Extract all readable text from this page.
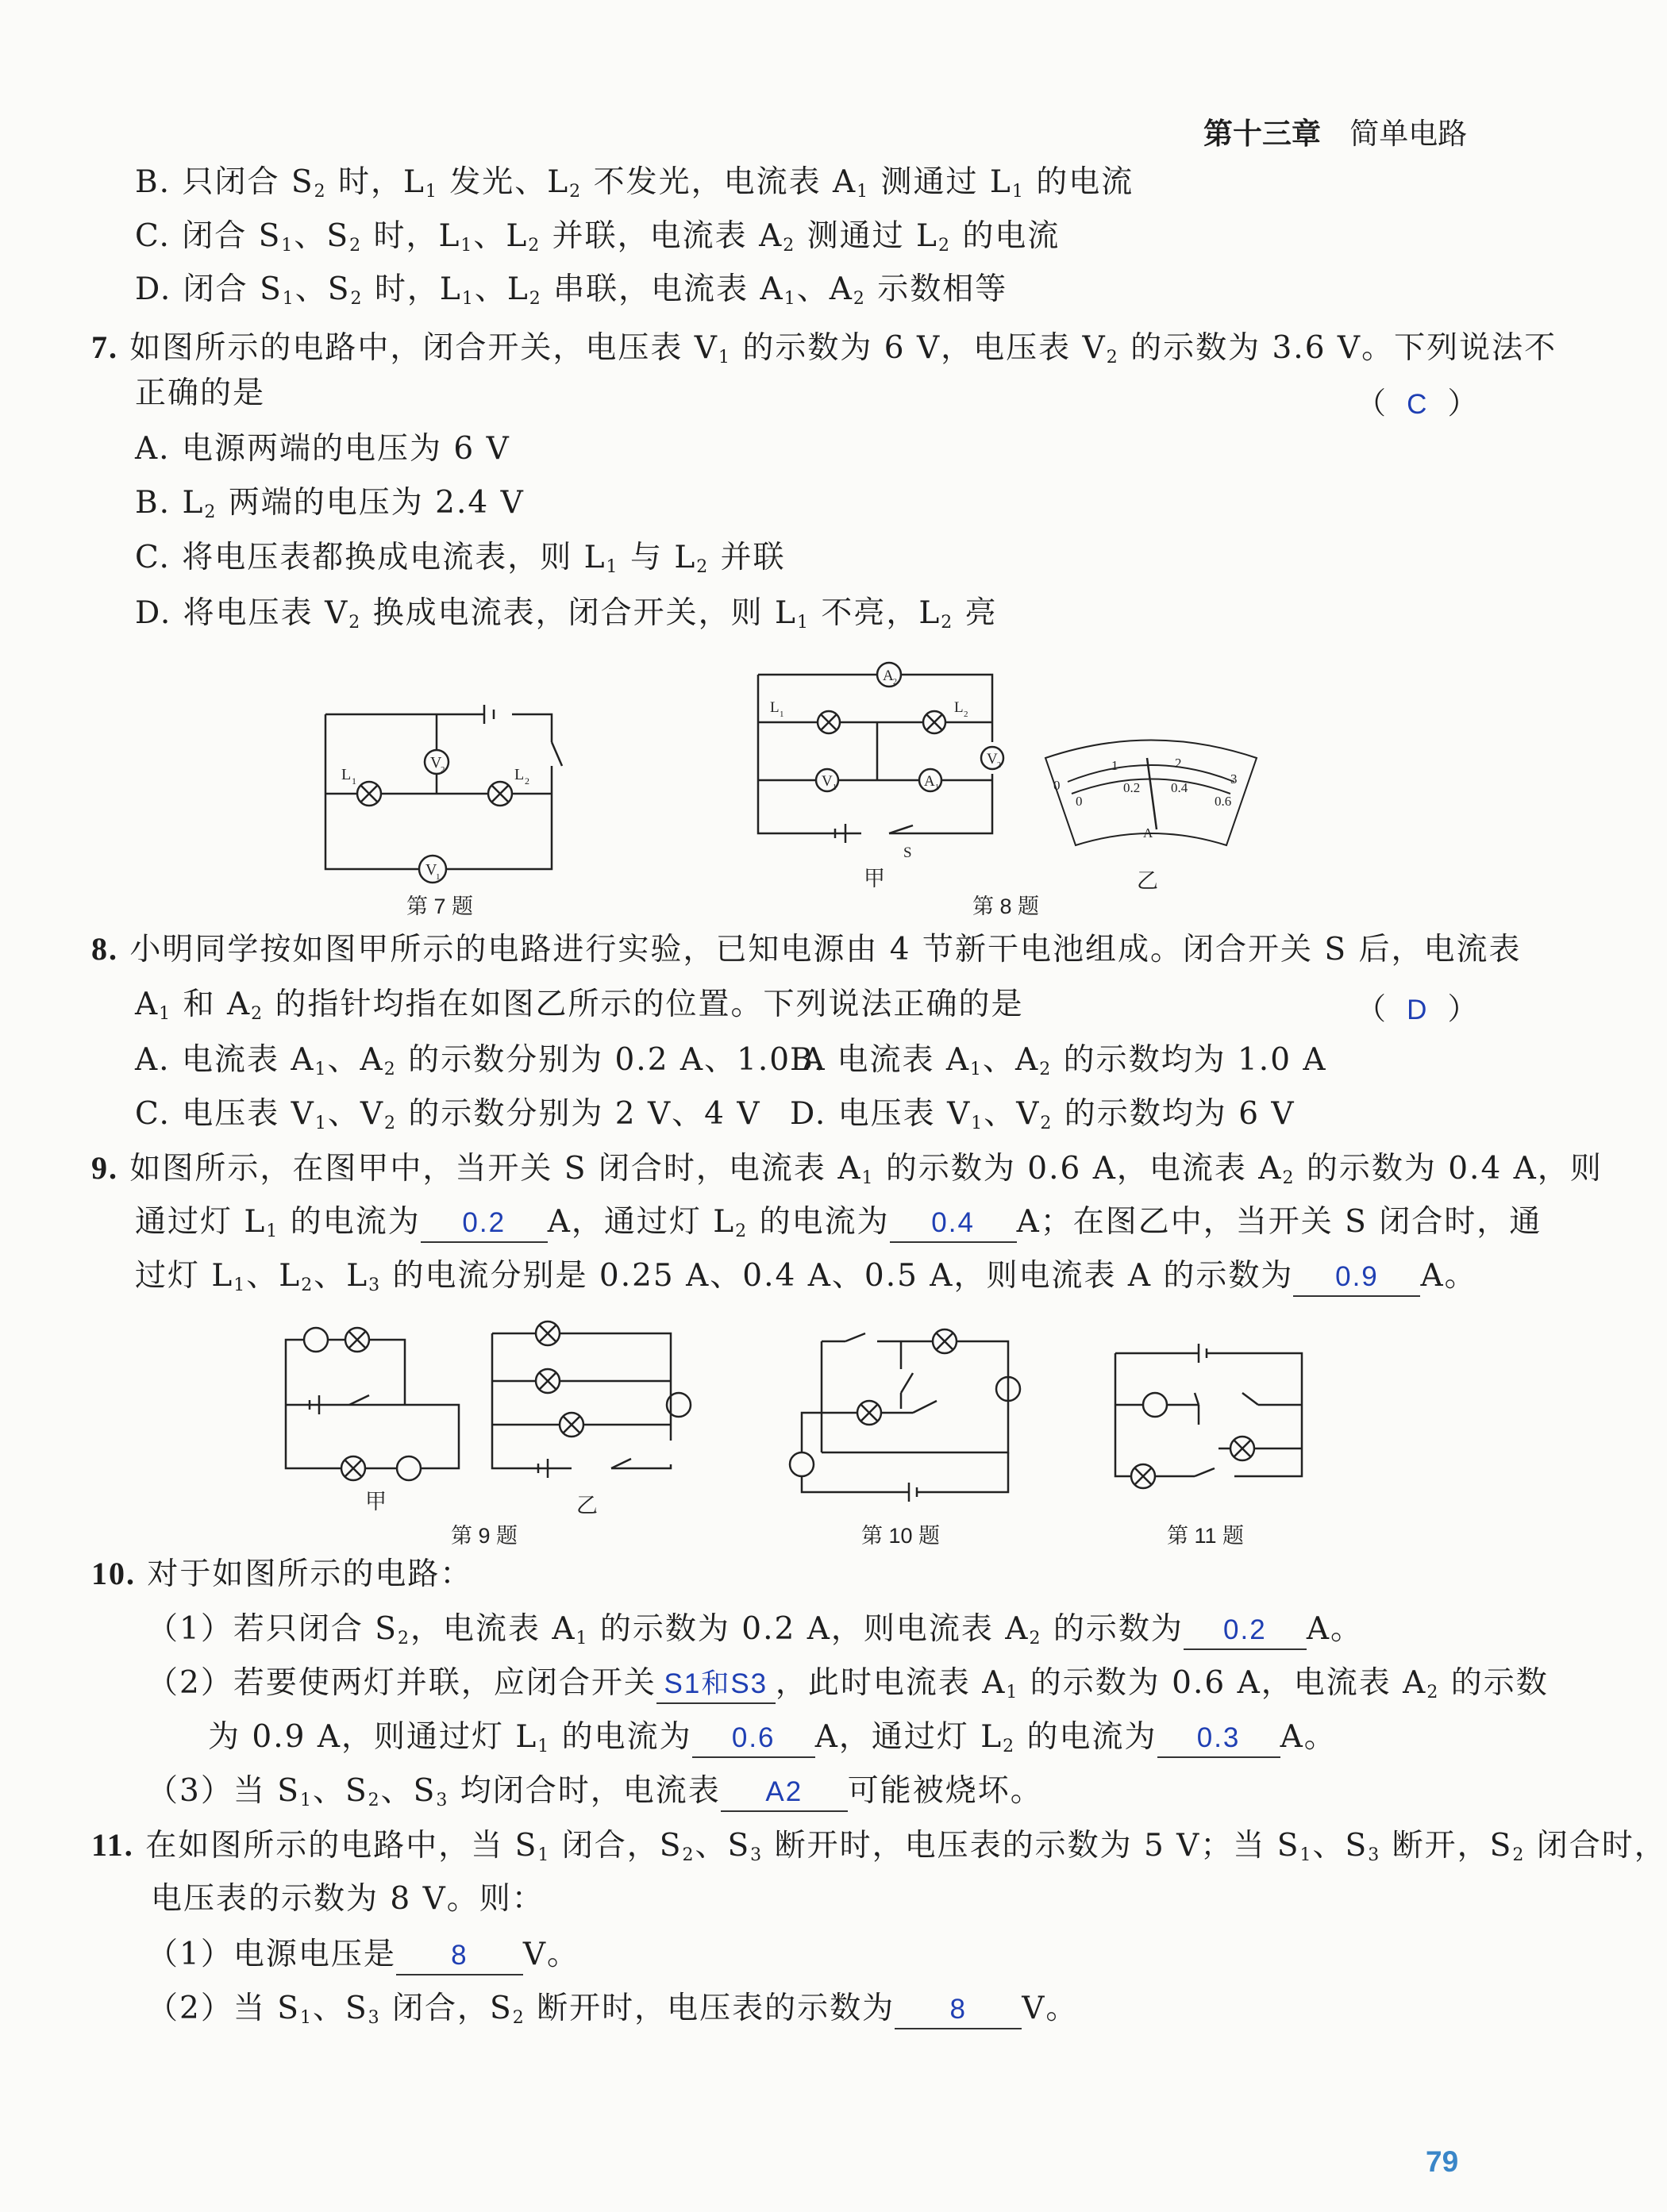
第十三章 简单电路
B. 只闭合 $S_2$ 时，$L_1$ 发光、$L_2$ 不发光，电流表 $A_1$ 测通过 $L_1$ 的电流
C. 闭合 $S_1$、$S_2$ 时，$L_1$、$L_2$ 并联，电流表 $A_2$ 测通过 $L_2$ 的电流
D. 闭合 $S_1$、$S_2$ 时，$L_1$、$L_2$ 串联，电流表 $A_1$、$A_2$ 示数相等
7. 如图所示的电路中，闭合开关，电压表 $V_1$ 的示数为 6 V，电压表 $V_2$ 的示数为 3.6 V。下列说法不
正确的是	（ C ）
A. 电源两端的电压为 6 V
B. $L_2$ 两端的电压为 2.4 V
C. 将电压表都换成电流表，则 $L_1$ 与 $L_2$ 并联
D. 将电压表 $V_2$ 换成电流表，闭合开关，则 $L_1$ 不亮，$L_2$ 亮
L 1	L 2
V
2
V
1
第 7 题
L 1	L 2
V 1	A 1
A 2
V 2
S
甲
0
1	2
3
0
0.2 0.4
0.6
A
乙
第 8 题
8. 小明同学按如图甲所示的电路进行实验，已知电源由 4 节新干电池组成。闭合开关 S 后，电流表
$A_1$ 和 $A_2$ 的指针均指在如图乙所示的位置。下列说法正确的是	（ D ）
A. 电流表 $A_1$、$A_2$ 的示数分别为 0.2 A、1.0 A
B. 电流表 $A_1$、$A_2$ 的示数均为 1.0 A
C. 电压表 $V_1$、$V_2$ 的示数分别为 2 V、4 V D. 电压表 $V_1$、$V_2$ 的示数均为 6 V
9. 如图所示，在图甲中，当开关 S 闭合时，电流表 $A_1$ 的示数为 0.6 A，电流表 $A_2$ 的示数为 0.4 A，则
通过灯 $L_1$ 的电流为 0.2 A，通过灯 $L_2$ 的电流为 0.4 A；在图乙中，当开关 S 闭合时，通
过灯 $L_1$、$L_2$、$L_3$ 的电流分别是 0.25 A、0.4 A、0.5 A，则电流表 A 的示数为 0.9 A。
甲	乙
第 9 题	第 10 题	第 11 题
10. 对于如图所示的电路：
（1）若只闭合 $S_2$，电流表 $A_1$ 的示数为 0.2 A，则电流表 $A_2$ 的示数为 0.2 A。
（2）若要使两灯并联，应闭合开关 S1和S3 ，此时电流表 $A_1$ 的示数为 0.6 A，电流表 $A_2$ 的示数
为 0.9 A，则通过灯 $L_1$ 的电流为 0.6 A，通过灯 $L_2$ 的电流为 0.3 A。
（3）当 $S_1$、$S_2$、$S_3$ 均闭合时，电流表 A2 可能被烧坏。
11. 在如图所示的电路中，当 $S_1$ 闭合，$S_2$、$S_3$ 断开时，电压表的示数为 5 V；当 $S_1$、$S_3$ 断开，$S_2$ 闭合时，
电压表的示数为 8 V。则：
（1）电源电压是 8 V。
（2）当 $S_1$、$S_3$ 闭合，$S_2$ 断开时，电压表的示数为 8 V。
79
